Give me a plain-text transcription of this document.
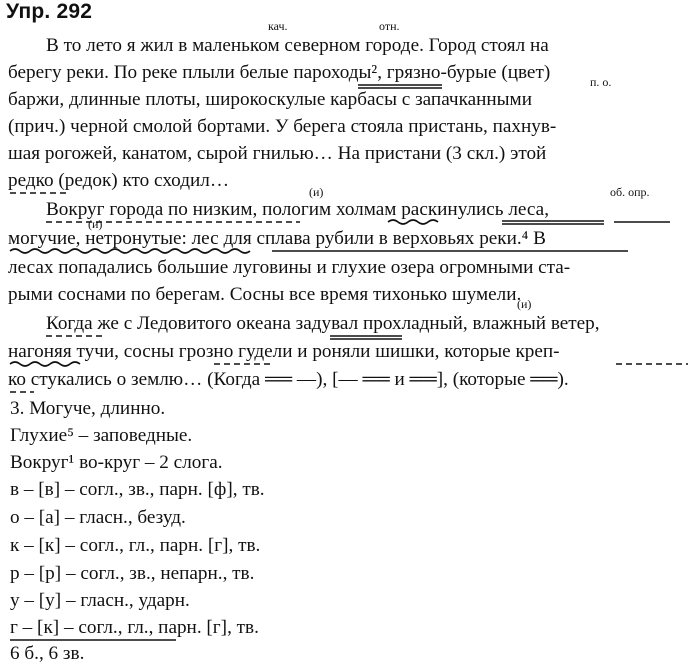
Упр. 292
кач.	отн.
п. о.
(и)	об. опр.
(и)
(и)
В то лето я жил в маленьком северном городе. Город стоял на
берегу реки. По реке плыли белые пароходы², грязно-бурые (цвет)
баржи, длинные плоты, широкоскулые карбасы с запачканными
(прич.) черной смолой бортами. У берега стояла пристань, пахнув-
шая рогожей, канатом, сырой гнилью… На пристани (3 скл.) этой
редко (редок) кто сходил…
Вокруг города по низким, пологим холмам раскинулись леса,
могучие, нетронутые: лес для сплава рубили в верховьях реки.⁴ В
лесах попадались большие луговины и глухие озера огромными ста-
рыми соснами по берегам. Сосны все время тихонько шумели.
Когда же с Ледовитого океана задувал прохладный, влажный ветер,
нагоняя тучи, сосны грозно гудели и роняли шишки, которые креп-
ко стукались о землю… (Когда ══ —), [— ══ и ══], (которые ══).
3. Могуче, длинно.
Глухие⁵ – заповедные.
Вокруг¹ во-круг – 2 слога.
в – [в] – согл., зв., парн. [ф], тв.
о – [а] – гласн., безуд.
к – [к] – согл., гл., парн. [г], тв.
р – [р] – согл., зв., непарн., тв.
у – [у] – гласн., ударн.
г – [к] – согл., гл., парн. [г], тв.
6 б., 6 зв.
